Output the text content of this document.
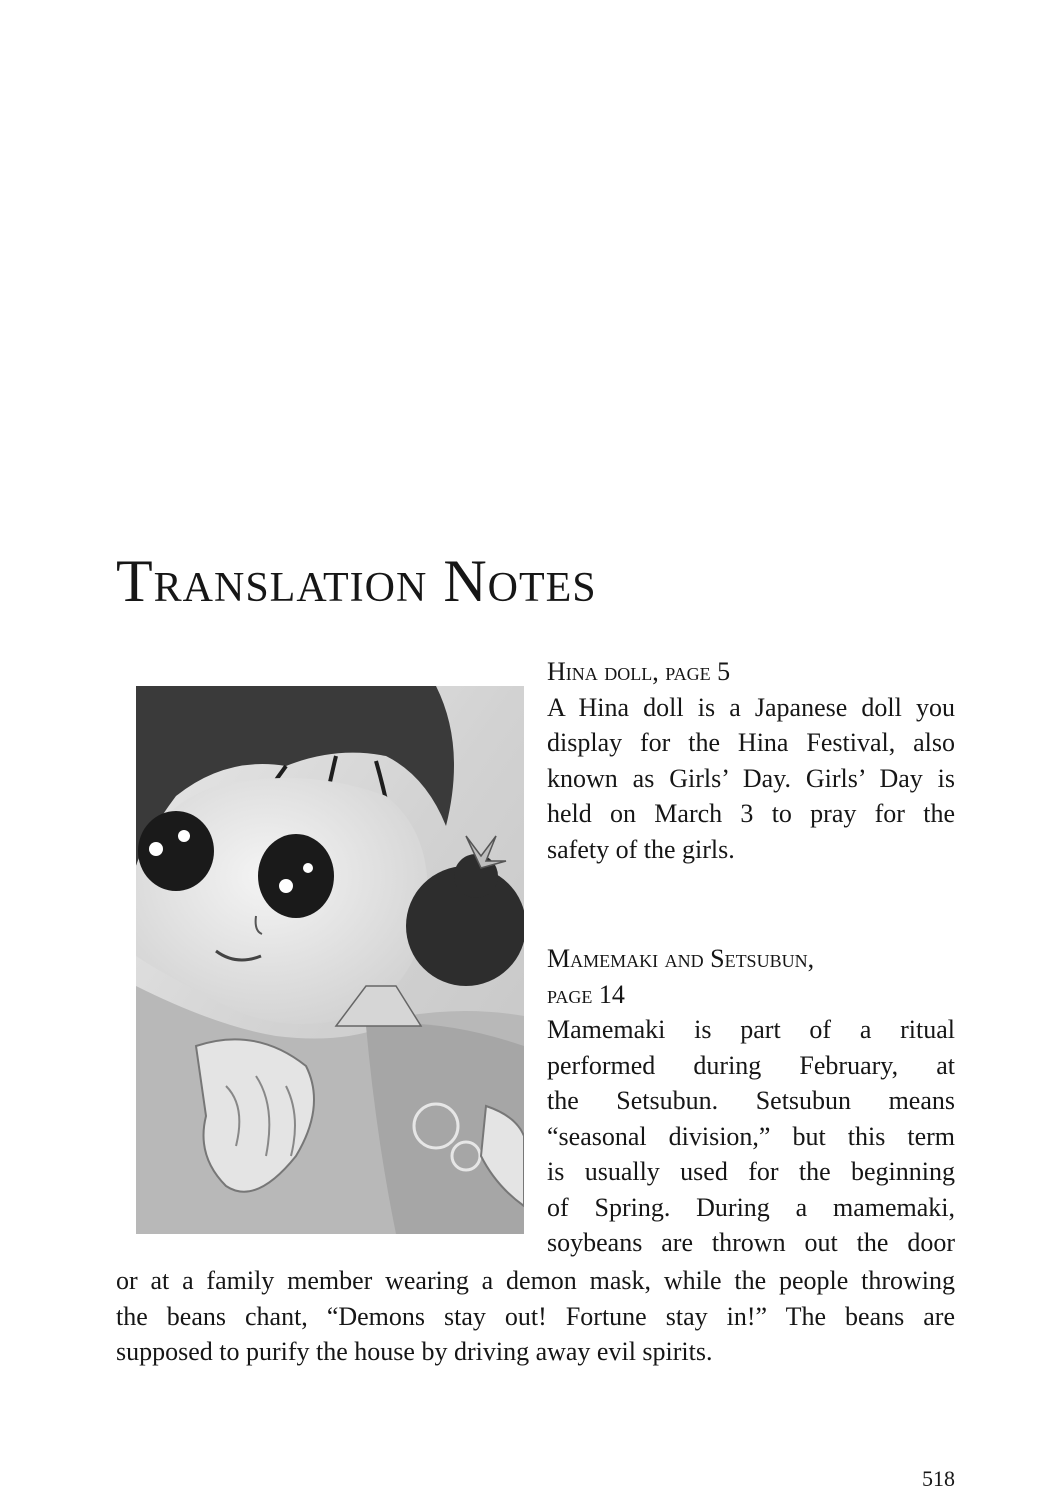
Translation Notes
Hina doll, page 5
A Hina doll is a Japanese doll you
display for the Hina Festival, also
known as Girls’ Day. Girls’ Day is
held on March 3 to pray for the
safety of the girls.
Mamemaki and Setsubun,
page 14
Mamemaki is part of a ritual
performed during February, at
the Setsubun. Setsubun means
“seasonal division,” but this term
is usually used for the beginning
of Spring. During a mamemaki,
soybeans are thrown out the door
or at a family member wearing a demon mask, while the people throwing
the beans chant, “Demons stay out! Fortune stay in!” The beans are
supposed to purify the house by driving away evil spirits.
518
